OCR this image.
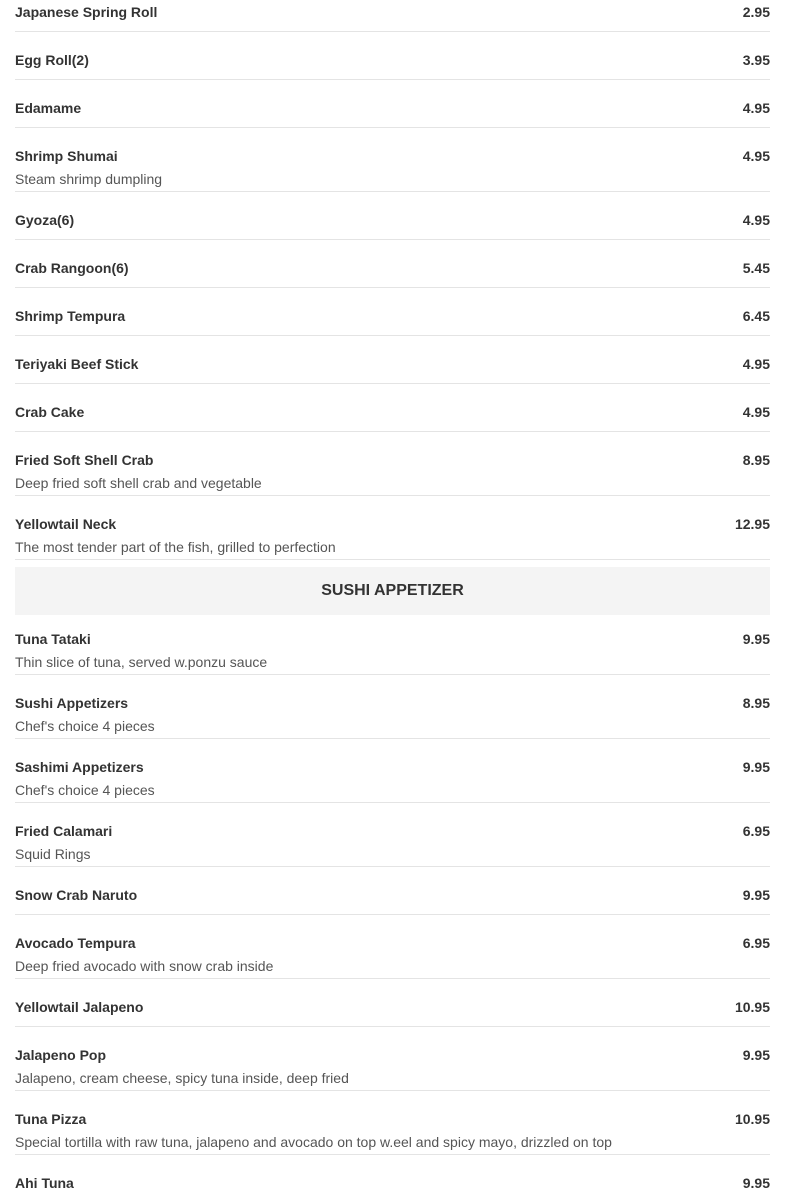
Japanese Spring Roll	2.95
Egg Roll(2)	3.95
Edamame	4.95
Shrimp Shumai	4.95
Steam shrimp dumpling
Gyoza(6)	4.95
Crab Rangoon(6)	5.45
Shrimp Tempura	6.45
Teriyaki Beef Stick	4.95
Crab Cake	4.95
Fried Soft Shell Crab	8.95
Deep fried soft shell crab and vegetable
Yellowtail Neck	12.95
The most tender part of the fish, grilled to perfection
SUSHI APPETIZER
Tuna Tataki	9.95
Thin slice of tuna, served w.ponzu sauce
Sushi Appetizers	8.95
Chef's choice 4 pieces
Sashimi Appetizers	9.95
Chef's choice 4 pieces
Fried Calamari	6.95
Squid Rings
Snow Crab Naruto	9.95
Avocado Tempura	6.95
Deep fried avocado with snow crab inside
Yellowtail Jalapeno	10.95
Jalapeno Pop	9.95
Jalapeno, cream cheese, spicy tuna inside, deep fried
Tuna Pizza	10.95
Special tortilla with raw tuna, jalapeno and avocado on top w.eel and spicy mayo, drizzled on top
Ahi Tuna	9.95
